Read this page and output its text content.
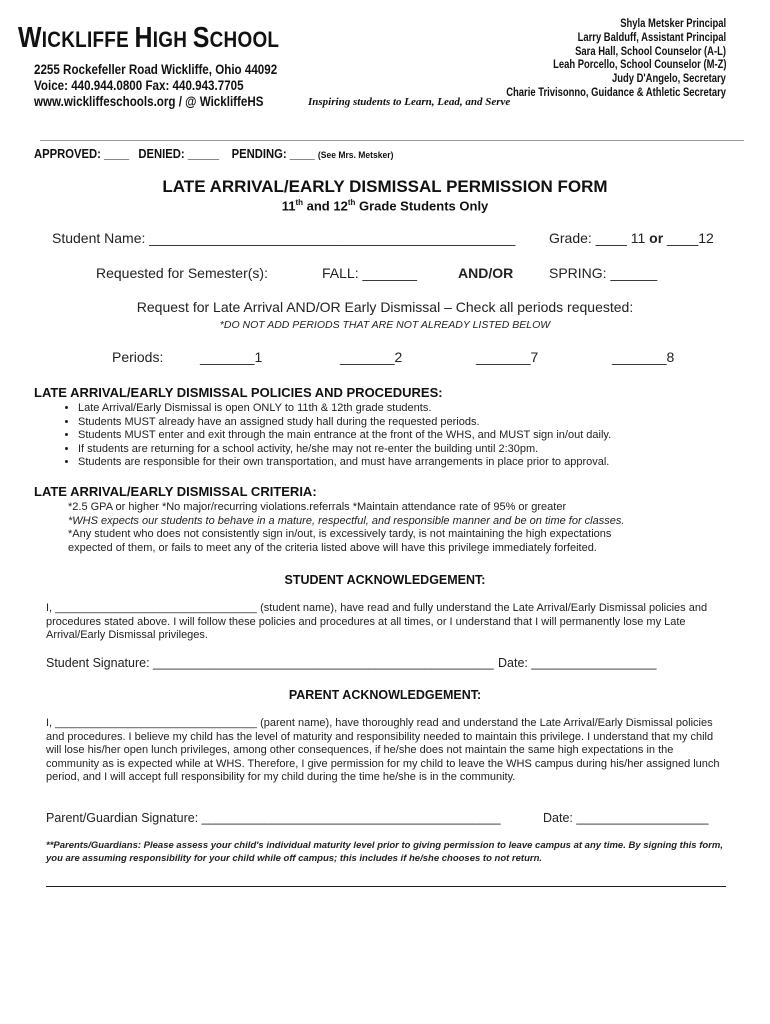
WICKLIFFE HIGH SCHOOL
2255 Rockefeller Road Wickliffe, Ohio 44092
Voice: 440.944.0800 Fax: 440.943.7705
www.wickliffeschools.org / @ WickliffeHS	Inspiring students to Learn, Lead, and Serve
Shyla Metsker Principal
Larry Balduff, Assistant Principal
Sara Hall, School Counselor (A-L)
Leah Porcello, School Counselor (M-Z)
Judy D'Angelo, Secretary
Charie Trivisonno, Guidance & Athletic Secretary
APPROVED: ____ DENIED: _____ PENDING: ____ (See Mrs. Metsker)
LATE ARRIVAL/EARLY DISMISSAL PERMISSION FORM
11th and 12th Grade Students Only
Student Name: _______________________________________________ Grade: ____ 11 or ____12
Requested for Semester(s):	FALL: _______	AND/OR	SPRING: ______
Request for Late Arrival AND/OR Early Dismissal – Check all periods requested:
*DO NOT ADD PERIODS THAT ARE NOT ALREADY LISTED BELOW
Periods:	_______1	_______2	_______7	_______8
LATE ARRIVAL/EARLY DISMISSAL POLICIES AND PROCEDURES:
• Late Arrival/Early Dismissal is open ONLY to 11th & 12th grade students.
• Students MUST already have an assigned study hall during the requested periods.
• Students MUST enter and exit through the main entrance at the front of the WHS, and MUST sign in/out daily.
• If students are returning for a school activity, he/she may not re-enter the building until 2:30pm.
• Students are responsible for their own transportation, and must have arrangements in place prior to approval.
LATE ARRIVAL/EARLY DISMISSAL CRITERIA:
*2.5 GPA or higher *No major/recurring violations.referrals *Maintain attendance rate of 95% or greater
*WHS expects our students to behave in a mature, respectful, and responsible manner and be on time for classes.
*Any student who does not consistently sign in/out, is excessively tardy, is not maintaining the high expectations
expected of them, or fails to meet any of the criteria listed above will have this privilege immediately forfeited.
STUDENT ACKNOWLEDGEMENT:
I, _________________________________ (student name), have read and fully understand the Late Arrival/Early Dismissal policies and procedures stated above. I will follow these policies and procedures at all times, or I understand that I will permanently lose my Late Arrival/Early Dismissal privileges.
Student Signature: _________________________________________________ Date: __________________
PARENT ACKNOWLEDGEMENT:
I, _________________________________ (parent name), have thoroughly read and understand the Late Arrival/Early Dismissal policies and procedures. I believe my child has the level of maturity and responsibility needed to maintain this privilege. I understand that my child will lose his/her open lunch privileges, among other consequences, if he/she does not maintain the same high expectations in the community as is expected while at WHS. Therefore, I give permission for my child to leave the WHS campus during his/her assigned lunch period, and I will accept full responsibility for my child during the time he/she is in the community.
Parent/Guardian Signature: ___________________________________________	Date: ___________________
**Parents/Guardians: Please assess your child's individual maturity level prior to giving permission to leave campus at any time. By signing this form, you are assuming responsibility for your child while off campus; this includes if he/she chooses to not return.
